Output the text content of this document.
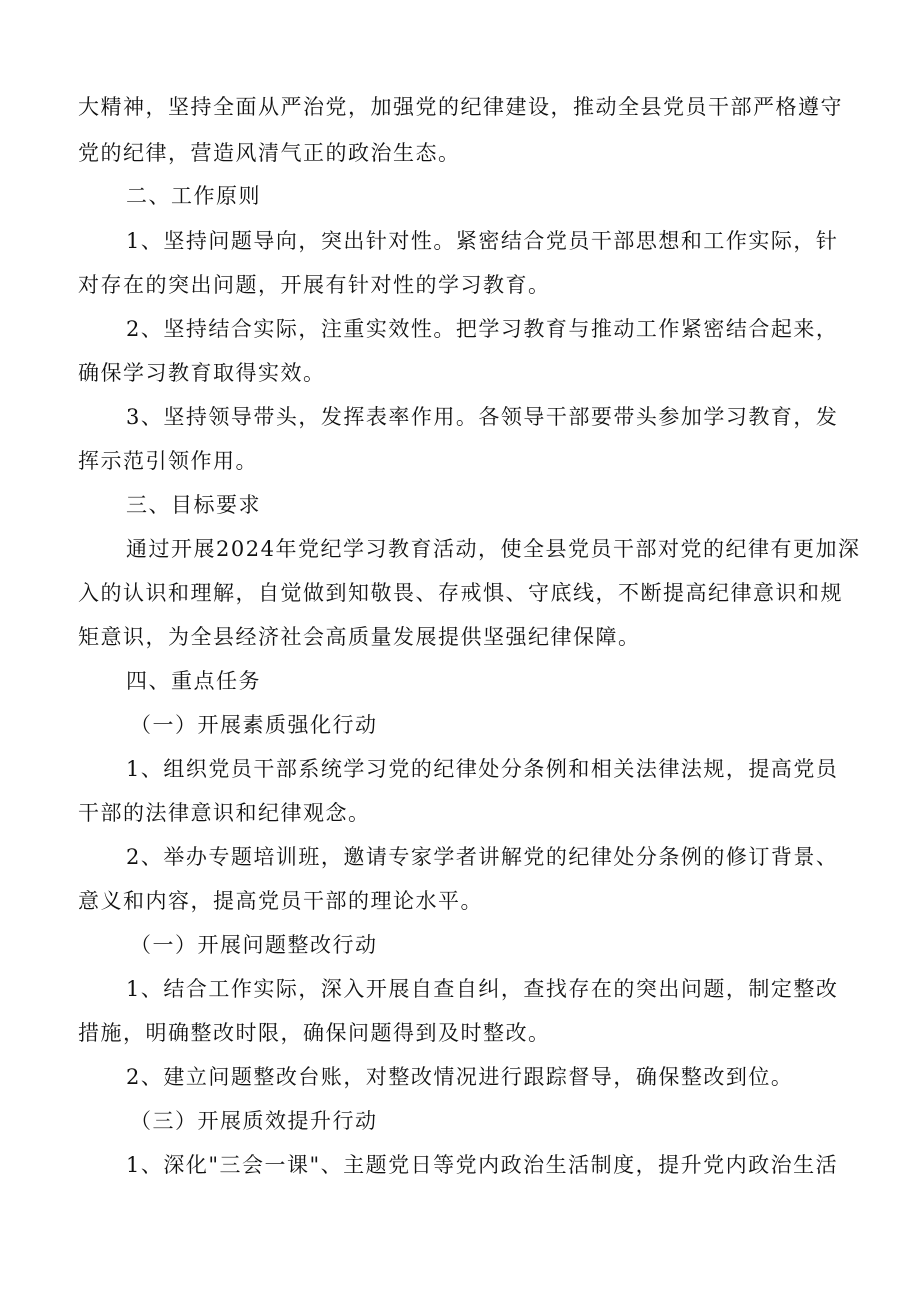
大精神，坚持全面从严治党，加强党的纪律建设，推动全县党员干部严格遵守
党的纪律，营造风清气正的政治生态。
二、工作原则
1、坚持问题导向，突出针对性。紧密结合党员干部思想和工作实际，针
对存在的突出问题，开展有针对性的学习教育。
2、坚持结合实际，注重实效性。把学习教育与推动工作紧密结合起来，
确保学习教育取得实效。
3、坚持领导带头，发挥表率作用。各领导干部要带头参加学习教育，发
挥示范引领作用。
三、目标要求
通过开展2024年党纪学习教育活动，使全县党员干部对党的纪律有更加深
入的认识和理解，自觉做到知敬畏、存戒惧、守底线，不断提高纪律意识和规
矩意识，为全县经济社会高质量发展提供坚强纪律保障。
四、重点任务
（一）开展素质强化行动
1、组织党员干部系统学习党的纪律处分条例和相关法律法规，提高党员
干部的法律意识和纪律观念。
2、举办专题培训班，邀请专家学者讲解党的纪律处分条例的修订背景、
意义和内容，提高党员干部的理论水平。
（一）开展问题整改行动
1、结合工作实际，深入开展自查自纠，查找存在的突出问题，制定整改
措施，明确整改时限，确保问题得到及时整改。
2、建立问题整改台账，对整改情况进行跟踪督导，确保整改到位。
（三）开展质效提升行动
1、深化"三会一课"、主题党日等党内政治生活制度，提升党内政治生活
